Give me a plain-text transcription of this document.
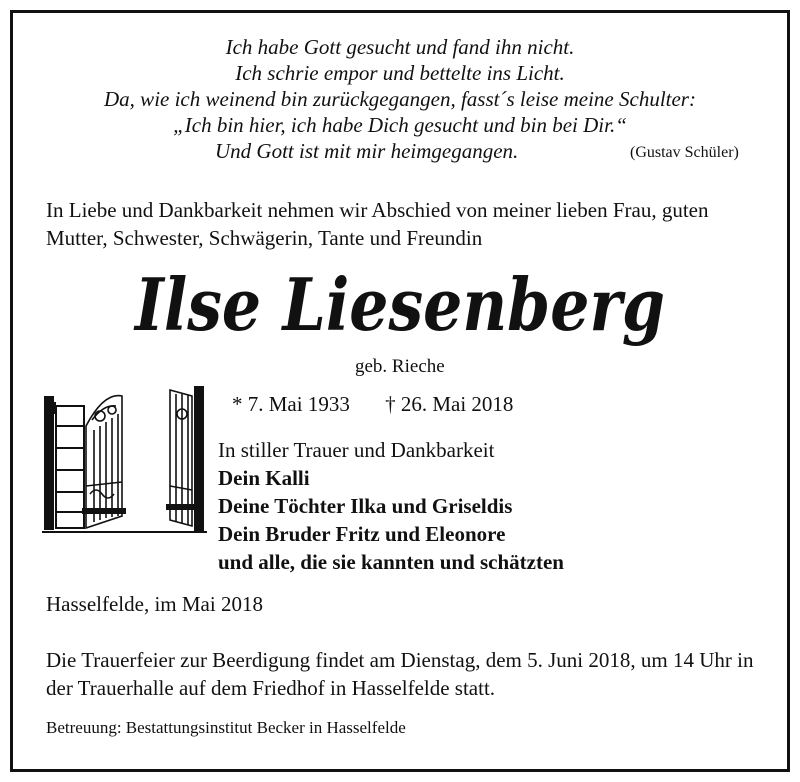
Ich habe Gott gesucht und fand ihn nicht.
Ich schrie empor und bettelte ins Licht.
Da, wie ich weinend bin zurückgegangen, fasst´s leise meine Schulter:
„Ich bin hier, ich habe Dich gesucht und bin bei Dir.“
Und Gott ist mit mir heimgegangen.	(Gustav Schüler)
In Liebe und Dankbarkeit nehmen wir Abschied von meiner lieben Frau, guten Mutter, Schwester, Schwägerin, Tante und Freundin
Ilse Liesenberg
geb. Rieche
* 7. Mai 1933 † 26. Mai 2018
In stiller Trauer und Dankbarkeit
Dein Kalli
Deine Töchter Ilka und Griseldis
Dein Bruder Fritz und Eleonore
und alle, die sie kannten und schätzten
Hasselfelde, im Mai 2018
Die Trauerfeier zur Beerdigung findet am Dienstag, dem 5. Juni 2018, um 14 Uhr in der Trauerhalle auf dem Friedhof in Hasselfelde statt.
Betreuung: Bestattungsinstitut Becker in Hasselfelde
